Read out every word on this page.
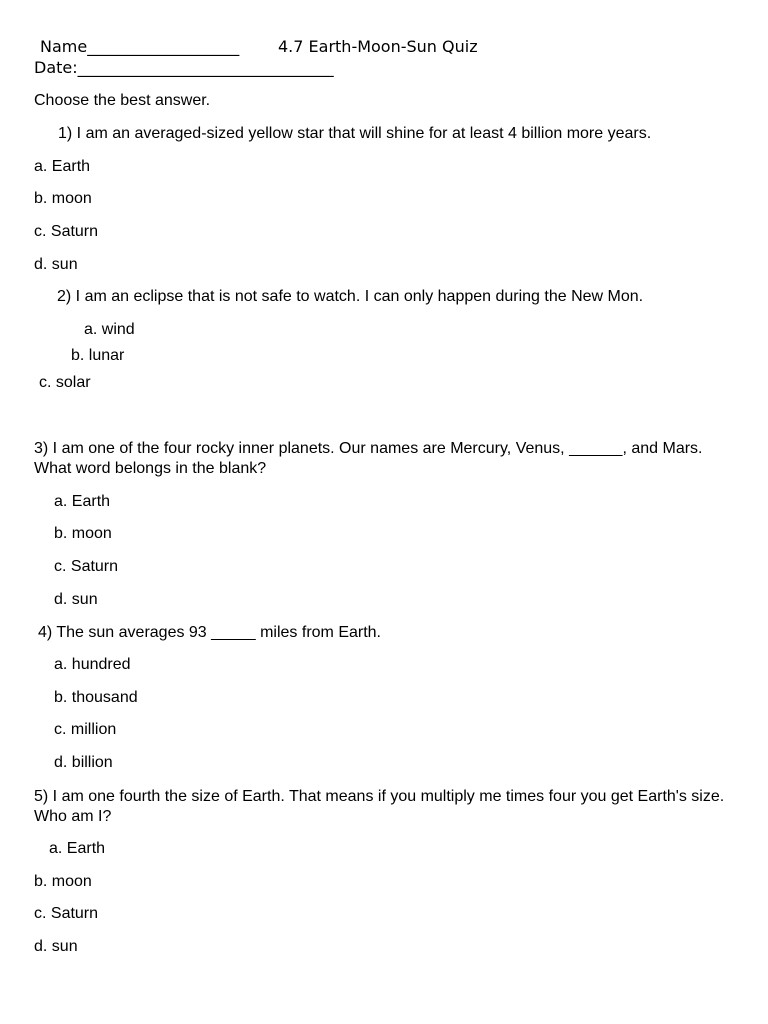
Name___________________ 4.7 Earth-Moon-Sun Quiz
Date:________________________________
Choose the best answer.
1) I am an averaged-sized yellow star that will shine for at least 4 billion more years.
a. Earth
b. moon
c. Saturn
d. sun
2) I am an eclipse that is not safe to watch. I can only happen during the New Mon.
a. wind
b. lunar
c. solar
3) I am one of the four rocky inner planets. Our names are Mercury, Venus, ______, and Mars. What word belongs in the blank?
a. Earth
b. moon
c. Saturn
d. sun
4) The sun averages 93 _____ miles from Earth.
a. hundred
b. thousand
c. million
d. billion
5) I am one fourth the size of Earth. That means if you multiply me times four you get Earth's size. Who am I?
a. Earth
b. moon
c. Saturn
d. sun
